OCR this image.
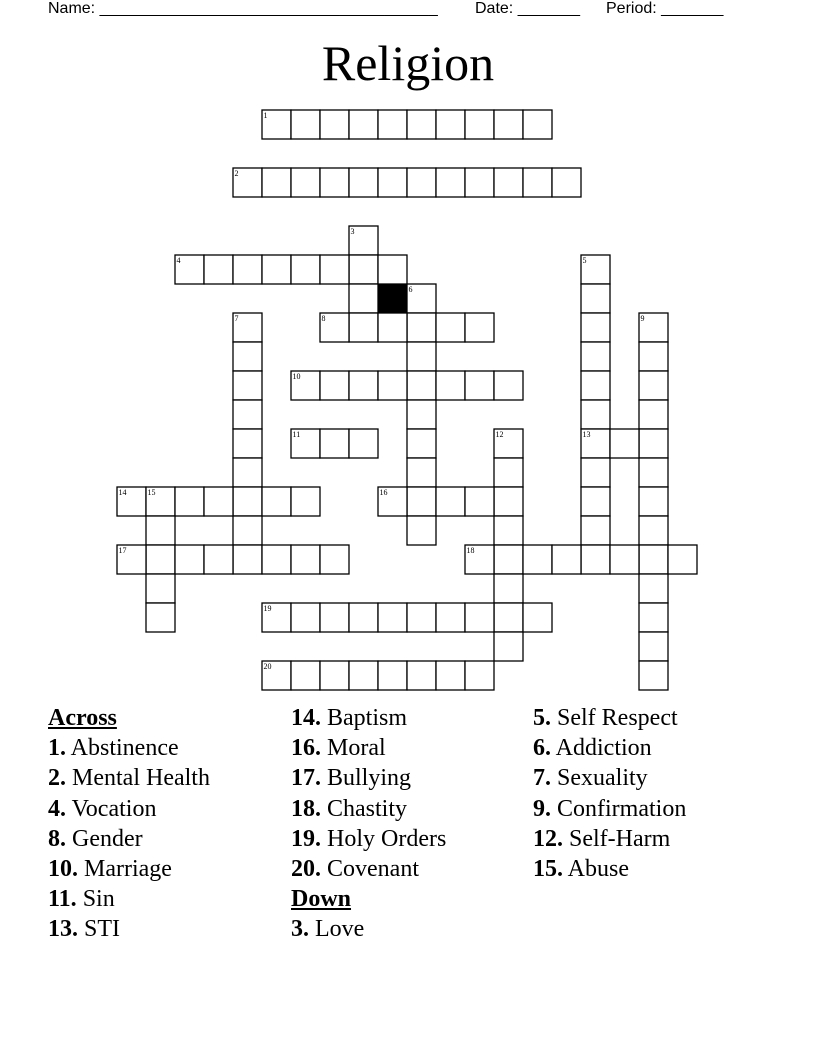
Name: ______________________________________ Date: _______ Period: _______
Religion
1
2
3
4	5
6
7	8	9
10
11	12	13
14	15	16
17	18
19
20
Across
1. Abstinence
2. Mental Health
4. Vocation
8. Gender
10. Marriage
11. Sin
13. STI
14. Baptism
16. Moral
17. Bullying
18. Chastity
19. Holy Orders
20. Covenant
Down
3. Love
5. Self Respect
6. Addiction
7. Sexuality
9. Confirmation
12. Self-Harm
15. Abuse
